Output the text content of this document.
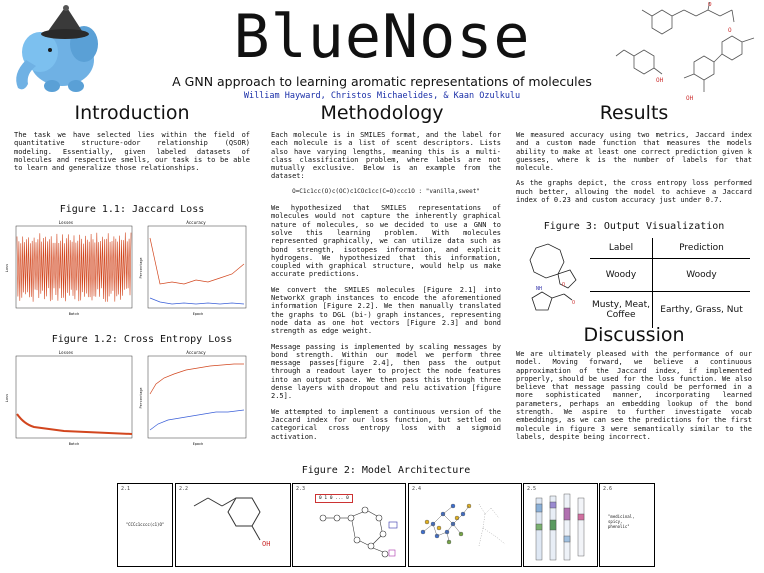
OH
OH
O
O
BlueNose
A GNN approach to learning aromatic representations of molecules
William Hayward, Christos Michaelides, & Kaan Ozulkulu
Introduction	Methodology	Results
The task we have selected lies within the field of quantitative structure-odor relationship (QSOR) modeling. Essentially, given labeled datasets of molecules and respective smells, our task is to be able to learn and generalize those relationships.
Figure 1.1: Jaccard Loss
Losses
Batch
Loss
Accuracy
Epoch
Percentage
Figure 1.2: Cross Entropy Loss
Losses
Batch
Loss
Accuracy
Epoch
Percentage

Each molecule is in SMILES format, and the label for each molecule is a list of scent descriptors. Lists also have varying lengths, meaning this is a multi-class classification problem, where labels are not mutually exclusive. Below is an example from the dataset:

O=C1c1cc(O)c(OC)c1COc1cc(C=O)ccc1O : "vanilla,sweet"

We hypothesized that SMILES representations of molecules would not capture the inherently graphical nature of molecules, so we decided to use a GNN to solve this learning problem. With molecules represented graphically, we can utilize data such as bond strength, isotopes information, and explicit hydrogens. We hypothesized that this information, coupled with graphical structure, would help us make accurate predictions.

We convert the SMILES molecules [Figure 2.1] into NetworkX graph instances to encode the aforementioned information [Figure 2.2]. We then manually translated the graphs to DGL (bi-) graph instances, representing node data as one hot vectors [Figure 2.3] and bond strength as edge weight.

Message passing is implemented by scaling messages by bond strength. Within our model we perform three message passes[figure 2.4], then pass the output through a readout layer to project the node features into an output space. We then pass this through three dense layers with dropout and relu activation [figure 2.5].

We attempted to implement a continuous version of the Jaccard index for our loss function, but settled on categorical cross entropy loss with a sigmoid activation.

We measured accuracy using two metrics, Jaccard index and a custom made function that measures the models ability to make at least one correct prediction given k guesses, where k is the number of labels for that molecule.

As the graphs depict, the cross entropy loss performed much better, allowing the model to achieve a Jaccard index of 0.23 and custom accuracy just under 0.7.

Figure 3: Output Visualization
O
NH
O
Label	Prediction
Woody	Woody
Musty, Meat, Coffee	Earthy, Grass, Nut
Discussion
We are ultimately pleased with the performance of our model. Moving forward, we believe a continuous approximation of the Jaccard index, if implemented properly, should be used for the loss function. We also believe that message passing could be performed in a more sophisticated manner, incorporating learned parameters, perhaps an embedding lookup of the bond strength. We aspire to further investigate vocab embeddings, as we can see the predictions for the first molecule in figure 3 were semantically similar to the labels, despite being incorrect.
Figure 2: Model Architecture
2.1
"CCCc1cccc(c1)O"
2.2
OH
2.3
0 1 0 ... 0
2.4	2.5	2.6
"medicinal,
spicy,
phenolic"
